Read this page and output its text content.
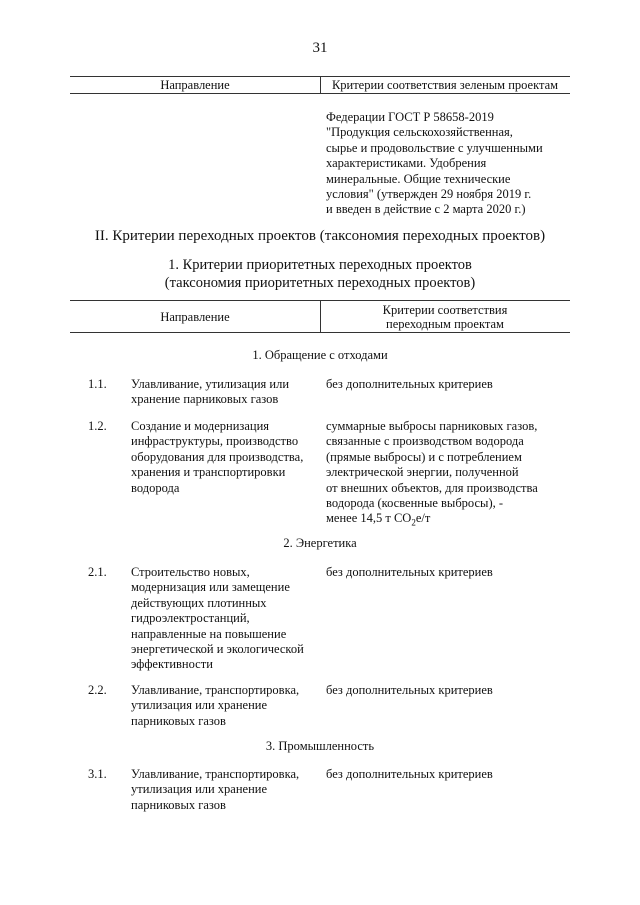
31
Направление	Критерии соответствия зеленым проектам
Федерации ГОСТ Р 58658-2019
"Продукция сельскохозяйственная,
сырье и продовольствие с улучшенными
характеристиками. Удобрения
минеральные. Общие технические
условия" (утвержден 29 ноября 2019 г.
и введен в действие с 2 марта 2020 г.)
II. Критерии переходных проектов (таксономия переходных проектов)
1. Критерии приоритетных переходных проектов
(таксономия приоритетных переходных проектов)
Направление	Критерии соответствия
переходным проектам
1. Обращение с отходами
1.1. Улавливание, утилизация или
хранение парниковых газов
без дополнительных критериев
1.2. Создание и модернизация
инфраструктуры, производство
оборудования для производства,
хранения и транспортировки
водорода
суммарные выбросы парниковых газов,
связанные с производством водорода
(прямые выбросы) и с потреблением
электрической энергии, полученной
от внешних объектов, для производства
водорода (косвенные выбросы), -
менее 14,5 т $СО_2е/т$
2. Энергетика
2.1. Строительство новых,
модернизация или замещение
действующих плотинных
гидроэлектростанций,
направленные на повышение
энергетической и экологической
эффективности
без дополнительных критериев
2.2. Улавливание, транспортировка,
утилизация или хранение
парниковых газов
без дополнительных критериев
3. Промышленность
3.1. Улавливание, транспортировка,
утилизация или хранение
парниковых газов
без дополнительных критериев
